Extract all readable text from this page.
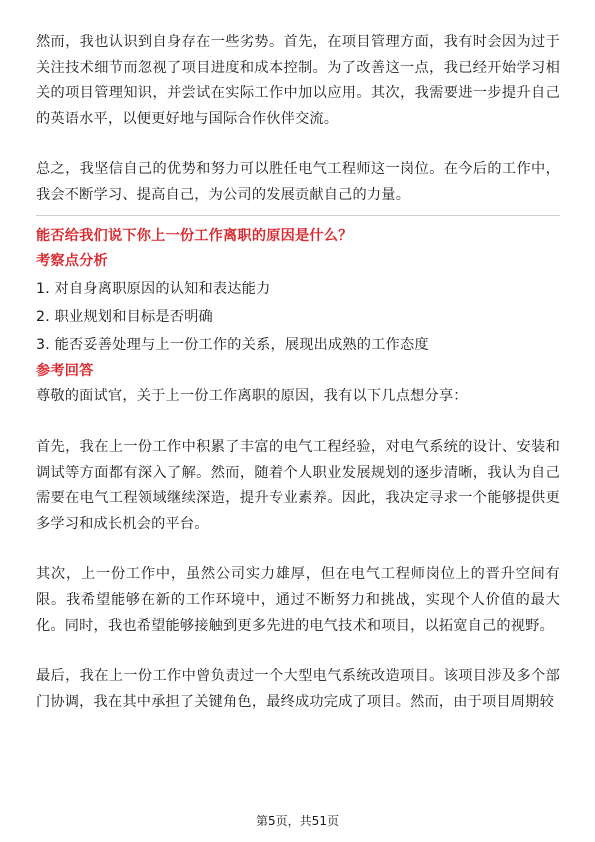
然而，我也认识到自身存在一些劣势。首先，在项目管理方面，我有时会因为过于关注技术细节而忽视了项目进度和成本控制。为了改善这一点，我已经开始学习相关的项目管理知识，并尝试在实际工作中加以应用。其次，我需要进一步提升自己的英语水平，以便更好地与国际合作伙伴交流。

总之，我坚信自己的优势和努力可以胜任电气工程师这一岗位。在今后的工作中，我会不断学习、提高自己，为公司的发展贡献自己的力量。

能否给我们说下你上一份工作离职的原因是什么？

考察点分析

1. 对自身离职原因的认知和表达能力

2. 职业规划和目标是否明确

3. 能否妥善处理与上一份工作的关系，展现出成熟的工作态度

参考回答

尊敬的面试官，关于上一份工作离职的原因，我有以下几点想分享：

首先，我在上一份工作中积累了丰富的电气工程经验，对电气系统的设计、安装和调试等方面都有深入了解。然而，随着个人职业发展规划的逐步清晰，我认为自己需要在电气工程领域继续深造，提升专业素养。因此，我决定寻求一个能够提供更多学习和成长机会的平台。

其次，上一份工作中，虽然公司实力雄厚，但在电气工程师岗位上的晋升空间有限。我希望能够在新的工作环境中，通过不断努力和挑战，实现个人价值的最大化。同时，我也希望能够接触到更多先进的电气技术和项目，以拓宽自己的视野。

最后，我在上一份工作中曾负责过一个大型电气系统改造项目。该项目涉及多个部门协调，我在其中承担了关键角色，最终成功完成了项目。然而，由于项目周期较

第5页，共51页
